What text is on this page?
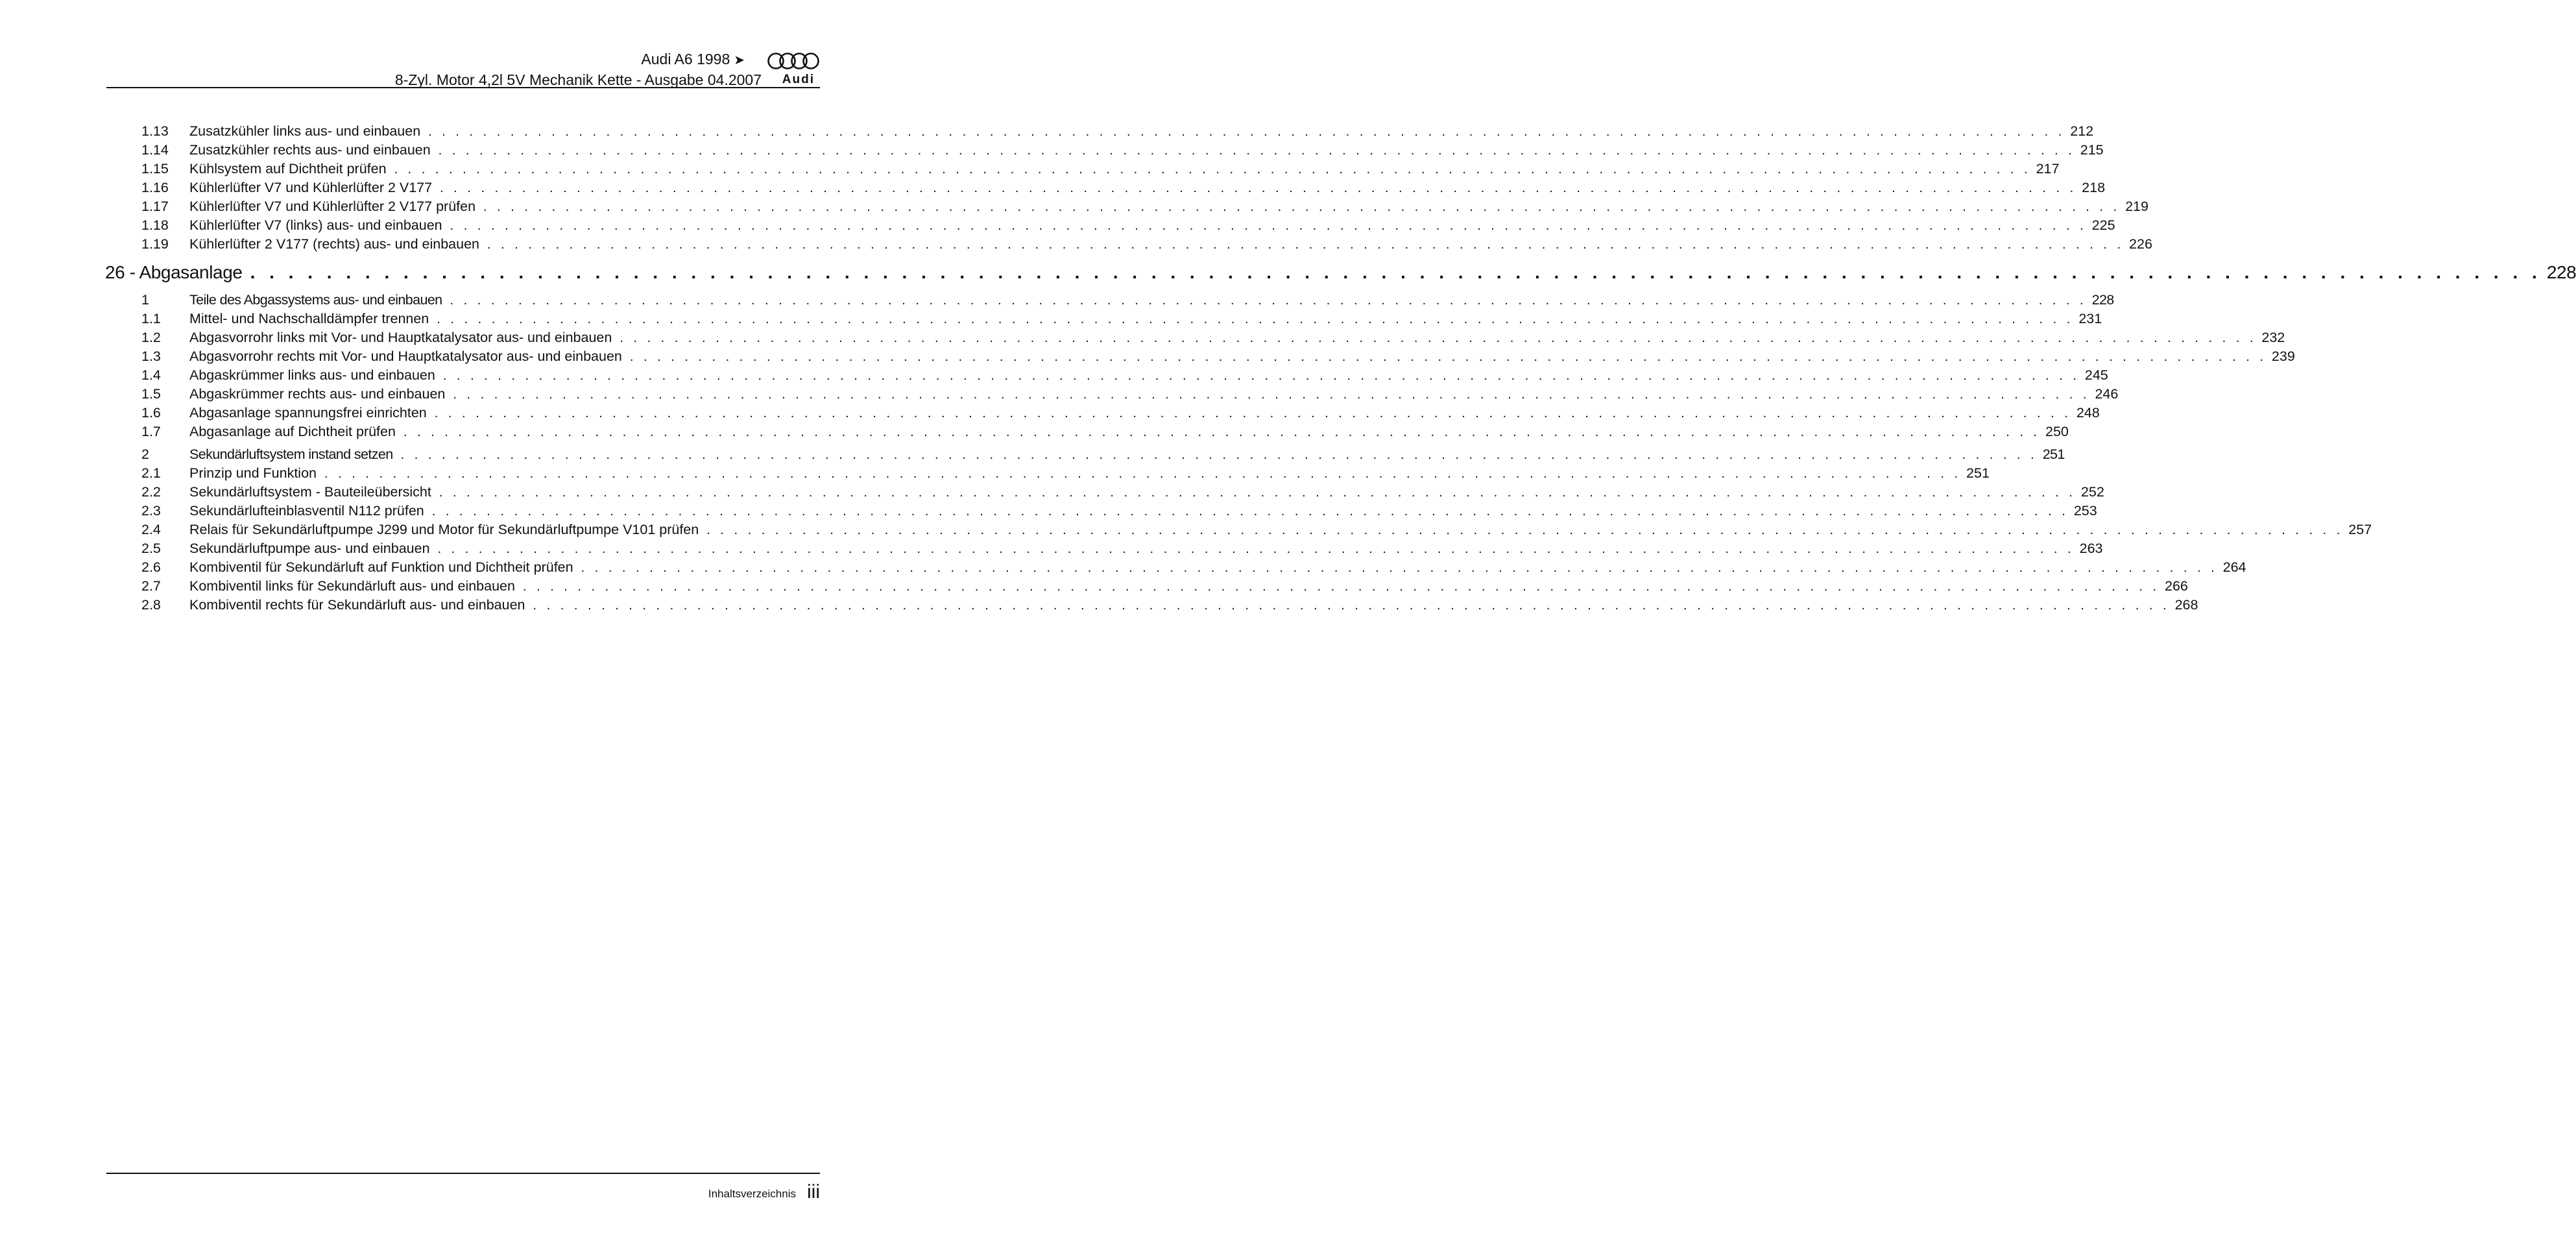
Audi A6 1998 ➤
8-Zyl. Motor 4,2l 5V Mechanik Kette - Ausgabe 04.2007 Audi
1.13	Zusatzkühler links aus- und einbauen . . . . . . . . . . . . . . . . . . . . . . . . . . . . . . . . . . . . . . . . . . . . . . . . . . . . . . . . . . . . . . . . . . . . . . . . . . . . . . . . . . . . . . . . . . . . . . . . . . . . . . . . . . . . . . . . . . . . . . . . 212
1.14	Zusatzkühler rechts aus- und einbauen . . . . . . . . . . . . . . . . . . . . . . . . . . . . . . . . . . . . . . . . . . . . . . . . . . . . . . . . . . . . . . . . . . . . . . . . . . . . . . . . . . . . . . . . . . . . . . . . . . . . . . . . . . . . . . . . . . . . . . . . 215
1.15	Kühlsystem auf Dichtheit prüfen . . . . . . . . . . . . . . . . . . . . . . . . . . . . . . . . . . . . . . . . . . . . . . . . . . . . . . . . . . . . . . . . . . . . . . . . . . . . . . . . . . . . . . . . . . . . . . . . . . . . . . . . . . . . . . . . . . . . . . . . 217
1.16	Kühlerlüfter V7 und Kühlerlüfter 2 V177 . . . . . . . . . . . . . . . . . . . . . . . . . . . . . . . . . . . . . . . . . . . . . . . . . . . . . . . . . . . . . . . . . . . . . . . . . . . . . . . . . . . . . . . . . . . . . . . . . . . . . . . . . . . . . . . . . . . . . . . . 218
1.17	Kühlerlüfter V7 und Kühlerlüfter 2 V177 prüfen . . . . . . . . . . . . . . . . . . . . . . . . . . . . . . . . . . . . . . . . . . . . . . . . . . . . . . . . . . . . . . . . . . . . . . . . . . . . . . . . . . . . . . . . . . . . . . . . . . . . . . . . . . . . . . . . . . . . . . . . 219
1.18	Kühlerlüfter V7 (links) aus- und einbauen . . . . . . . . . . . . . . . . . . . . . . . . . . . . . . . . . . . . . . . . . . . . . . . . . . . . . . . . . . . . . . . . . . . . . . . . . . . . . . . . . . . . . . . . . . . . . . . . . . . . . . . . . . . . . . . . . . . . . . . . 225
1.19	Kühlerlüfter 2 V177 (rechts) aus- und einbauen . . . . . . . . . . . . . . . . . . . . . . . . . . . . . . . . . . . . . . . . . . . . . . . . . . . . . . . . . . . . . . . . . . . . . . . . . . . . . . . . . . . . . . . . . . . . . . . . . . . . . . . . . . . . . . . . . . . . . . . . 226
26 - Abgasanlage . . . . . . . . . . . . . . . . . . . . . . . . . . . . . . . . . . . . . . . . . . . . . . . . . . . . . . . . . . . . . . . . . . . . . . . . . . . . . . . . . . . . . . . . . . . . . . . . . . . . . . . . . . . . . . . . . . . . . . . . 228
1	Teile des Abgassystems aus- und einbauen . . . . . . . . . . . . . . . . . . . . . . . . . . . . . . . . . . . . . . . . . . . . . . . . . . . . . . . . . . . . . . . . . . . . . . . . . . . . . . . . . . . . . . . . . . . . . . . . . . . . . . . . . . . . . . . . . . . . . . . . 228
1.1	Mittel- und Nachschalldämpfer trennen . . . . . . . . . . . . . . . . . . . . . . . . . . . . . . . . . . . . . . . . . . . . . . . . . . . . . . . . . . . . . . . . . . . . . . . . . . . . . . . . . . . . . . . . . . . . . . . . . . . . . . . . . . . . . . . . . . . . . . . . 231
1.2	Abgasvorrohr links mit Vor- und Hauptkatalysator aus- und einbauen . . . . . . . . . . . . . . . . . . . . . . . . . . . . . . . . . . . . . . . . . . . . . . . . . . . . . . . . . . . . . . . . . . . . . . . . . . . . . . . . . . . . . . . . . . . . . . . . . . . . . . . . . . . . . . . . . . . . . . . . 232
1.3	Abgasvorrohr rechts mit Vor- und Hauptkatalysator aus- und einbauen . . . . . . . . . . . . . . . . . . . . . . . . . . . . . . . . . . . . . . . . . . . . . . . . . . . . . . . . . . . . . . . . . . . . . . . . . . . . . . . . . . . . . . . . . . . . . . . . . . . . . . . . . . . . . . . . . . . . . . . . 239
1.4	Abgaskrümmer links aus- und einbauen . . . . . . . . . . . . . . . . . . . . . . . . . . . . . . . . . . . . . . . . . . . . . . . . . . . . . . . . . . . . . . . . . . . . . . . . . . . . . . . . . . . . . . . . . . . . . . . . . . . . . . . . . . . . . . . . . . . . . . . . 245
1.5	Abgaskrümmer rechts aus- und einbauen . . . . . . . . . . . . . . . . . . . . . . . . . . . . . . . . . . . . . . . . . . . . . . . . . . . . . . . . . . . . . . . . . . . . . . . . . . . . . . . . . . . . . . . . . . . . . . . . . . . . . . . . . . . . . . . . . . . . . . . . 246
1.6	Abgasanlage spannungsfrei einrichten . . . . . . . . . . . . . . . . . . . . . . . . . . . . . . . . . . . . . . . . . . . . . . . . . . . . . . . . . . . . . . . . . . . . . . . . . . . . . . . . . . . . . . . . . . . . . . . . . . . . . . . . . . . . . . . . . . . . . . . . 248
1.7	Abgasanlage auf Dichtheit prüfen . . . . . . . . . . . . . . . . . . . . . . . . . . . . . . . . . . . . . . . . . . . . . . . . . . . . . . . . . . . . . . . . . . . . . . . . . . . . . . . . . . . . . . . . . . . . . . . . . . . . . . . . . . . . . . . . . . . . . . . . 250
2	Sekundärluftsystem instand setzen . . . . . . . . . . . . . . . . . . . . . . . . . . . . . . . . . . . . . . . . . . . . . . . . . . . . . . . . . . . . . . . . . . . . . . . . . . . . . . . . . . . . . . . . . . . . . . . . . . . . . . . . . . . . . . . . . . . . . . . . 251
2.1	Prinzip und Funktion . . . . . . . . . . . . . . . . . . . . . . . . . . . . . . . . . . . . . . . . . . . . . . . . . . . . . . . . . . . . . . . . . . . . . . . . . . . . . . . . . . . . . . . . . . . . . . . . . . . . . . . . . . . . . . . . . . . . . . . . 251
2.2	Sekundärluftsystem - Bauteileübersicht . . . . . . . . . . . . . . . . . . . . . . . . . . . . . . . . . . . . . . . . . . . . . . . . . . . . . . . . . . . . . . . . . . . . . . . . . . . . . . . . . . . . . . . . . . . . . . . . . . . . . . . . . . . . . . . . . . . . . . . . 252
2.3	Sekundärlufteinblasventil N112 prüfen . . . . . . . . . . . . . . . . . . . . . . . . . . . . . . . . . . . . . . . . . . . . . . . . . . . . . . . . . . . . . . . . . . . . . . . . . . . . . . . . . . . . . . . . . . . . . . . . . . . . . . . . . . . . . . . . . . . . . . . . 253
2.4	Relais für Sekundärluftpumpe J299 und Motor für Sekundärluftpumpe V101 prüfen . . . . . . . . . . . . . . . . . . . . . . . . . . . . . . . . . . . . . . . . . . . . . . . . . . . . . . . . . . . . . . . . . . . . . . . . . . . . . . . . . . . . . . . . . . . . . . . . . . . . . . . . . . . . . . . . . . . . . . . . 257
2.5	Sekundärluftpumpe aus- und einbauen . . . . . . . . . . . . . . . . . . . . . . . . . . . . . . . . . . . . . . . . . . . . . . . . . . . . . . . . . . . . . . . . . . . . . . . . . . . . . . . . . . . . . . . . . . . . . . . . . . . . . . . . . . . . . . . . . . . . . . . . 263
2.6	Kombiventil für Sekundärluft auf Funktion und Dichtheit prüfen . . . . . . . . . . . . . . . . . . . . . . . . . . . . . . . . . . . . . . . . . . . . . . . . . . . . . . . . . . . . . . . . . . . . . . . . . . . . . . . . . . . . . . . . . . . . . . . . . . . . . . . . . . . . . . . . . . . . . . . . 264
2.7	Kombiventil links für Sekundärluft aus- und einbauen . . . . . . . . . . . . . . . . . . . . . . . . . . . . . . . . . . . . . . . . . . . . . . . . . . . . . . . . . . . . . . . . . . . . . . . . . . . . . . . . . . . . . . . . . . . . . . . . . . . . . . . . . . . . . . . . . . . . . . . . 266
2.8	Kombiventil rechts für Sekundärluft aus- und einbauen . . . . . . . . . . . . . . . . . . . . . . . . . . . . . . . . . . . . . . . . . . . . . . . . . . . . . . . . . . . . . . . . . . . . . . . . . . . . . . . . . . . . . . . . . . . . . . . . . . . . . . . . . . . . . . . . . . . . . . . . 268
Inhaltsverzeichnis iii
